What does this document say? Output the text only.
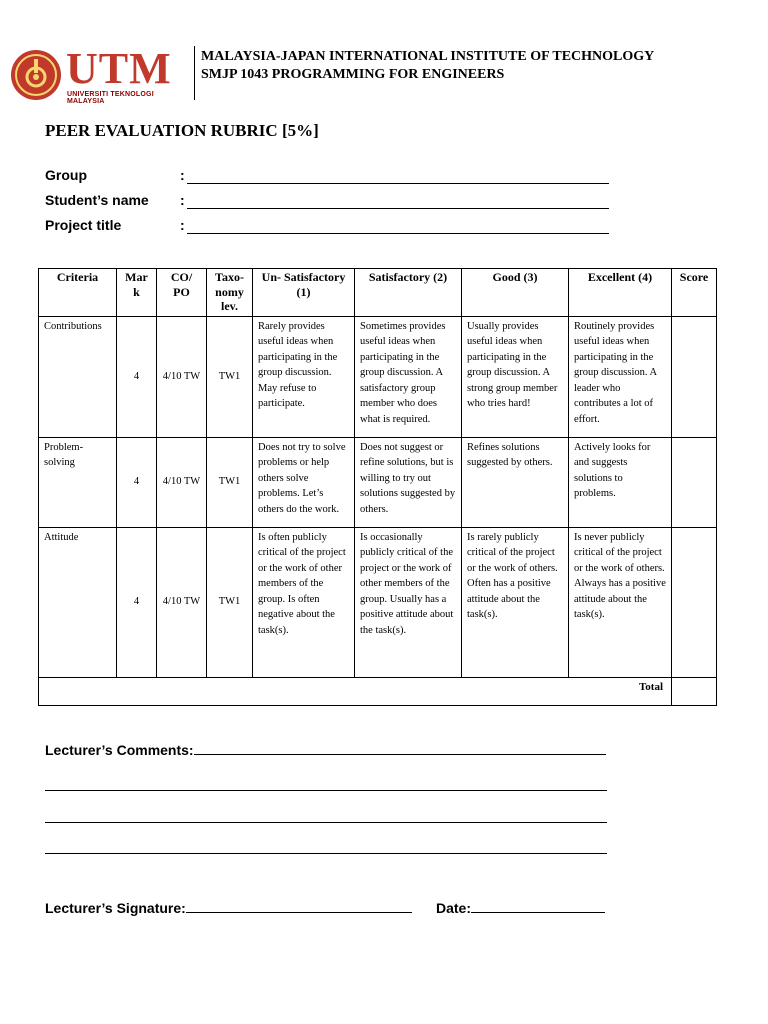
UTM
UNIVERSITI TEKNOLOGI MALAYSIA
MALAYSIA-JAPAN INTERNATIONAL INSTITUTE OF TECHNOLOGY
SMJP 1043 PROGRAMMING FOR ENGINEERS
PEER EVALUATION RUBRIC [5%]
Group	:
Student’s name :
Project title	:
Criteria	Mar k	CO/ PO	Taxo- nomy lev.	Un- Satisfactory (1)	Satisfactory (2)	Good (3)	Excellent (4)	Score
Contributions	4	4/10 TW	TW1	Rarely provides useful ideas when participating in the group discussion. May refuse to participate.	Sometimes provides useful ideas when participating in the group discussion. A satisfactory group member who does what is required.	Usually provides useful ideas when participating in the group discussion. A strong group member who tries hard!	Routinely provides useful ideas when participating in the group discussion. A leader who contributes a lot of effort.	
Problem-solving	4	4/10 TW	TW1	Does not try to solve problems or help others solve problems. Let’s others do the work.	Does not suggest or refine solutions, but is willing to try out solutions suggested by others.	Refines solutions suggested by others.	Actively looks for and suggests solutions to problems.	
Attitude	4	4/10 TW	TW1	Is often publicly critical of the project or the work of other members of the group. Is often negative about the task(s).	Is occasionally publicly critical of the project or the work of other members of the group. Usually has a positive attitude about the task(s).	Is rarely publicly critical of the project or the work of others. Often has a positive attitude about the task(s).	Is never publicly critical of the project or the work of others. Always has a positive attitude about the task(s).	
Total								
Lecturer’s Comments:
Lecturer’s Signature:	Date:
